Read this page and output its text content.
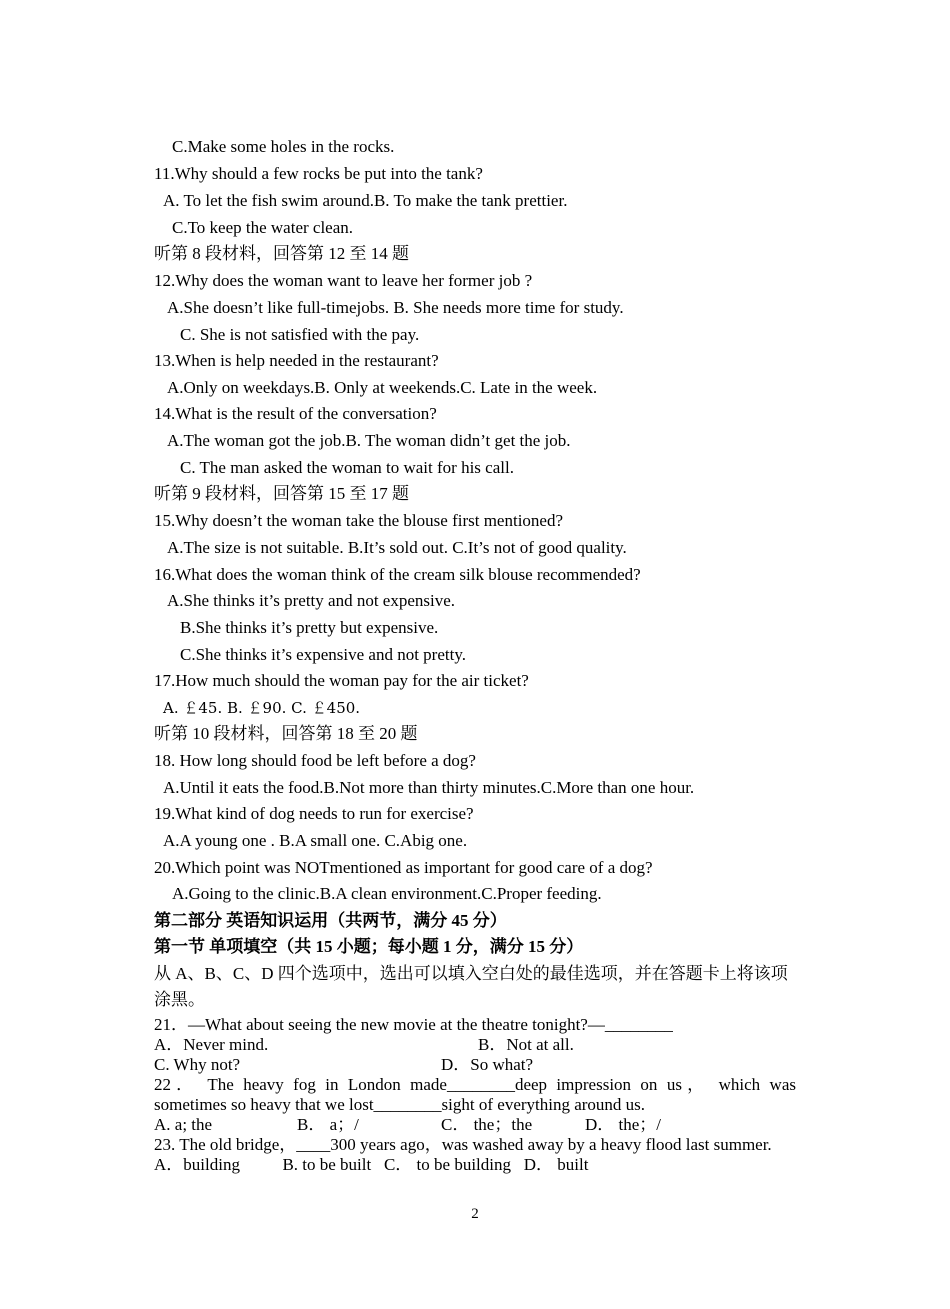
C.Make some holes in the rocks.
11.Why should a few rocks be put into the tank?
A. To let the fish swim around.B. To make the tank prettier.
C.To keep the water clean.
听第 8 段材料，回答第 12 至 14 题
12.Why does the woman want to leave her former job ?
A.She doesn’t like full-timejobs. B. She needs more time for study.
C. She is not satisfied with the pay.
13.When is help needed in the restaurant?
A.Only on weekdays.B. Only at weekends.C. Late in the week.
14.What is the result of the conversation?
A.The woman got the job.B. The woman didn’t get the job.
C. The man asked the woman to wait for his call.
听第 9 段材料，回答第 15 至 17 题
15.Why doesn’t the woman take the blouse first mentioned?
A.The size is not suitable. B.It’s sold out. C.It’s not of good quality.
16.What does the woman think of the cream silk blouse recommended?
A.She thinks it’s pretty and not expensive.
B.She thinks it’s pretty but expensive.
C.She thinks it’s expensive and not pretty.
17.How much should the woman pay for the air ticket?
A. ￡45. B. ￡90. C. ￡450.
听第 10 段材料，回答第 18 至 20 题
18. How long should food be left before a dog?
A.Until it eats the food.B.Not more than thirty minutes.C.More than one hour.
19.What kind of dog needs to run for exercise?
A.A young one . B.A small one. C.Abig one.
20.Which point was NOTmentioned as important for good care of a dog?
A.Going to the clinic.B.A clean environment.C.Proper feeding.
第二部分 英语知识运用（共两节，满分 45 分）
第一节 单项填空（共 15 小题；每小题 1 分，满分 15 分）
从 A、B、C、D 四个选项中，选出可以填入空白处的最佳选项，并在答题卡上将该项
涂黑。
21．—What about seeing the new movie at the theatre tonight?—________
A．Never mind.	B．Not at all.
C. Why not?	D．So what?
22． The heavy fog in London made________deep impression on us， which was
sometimes so heavy that we lost________sight of everything around us.
A. a; the	B． a；/	C． the；the	D． the；/
23. The old bridge，____300 years ago，was washed away by a heavy flood last summer.
A．building          B. to be built   C． to be building   D． built
2
